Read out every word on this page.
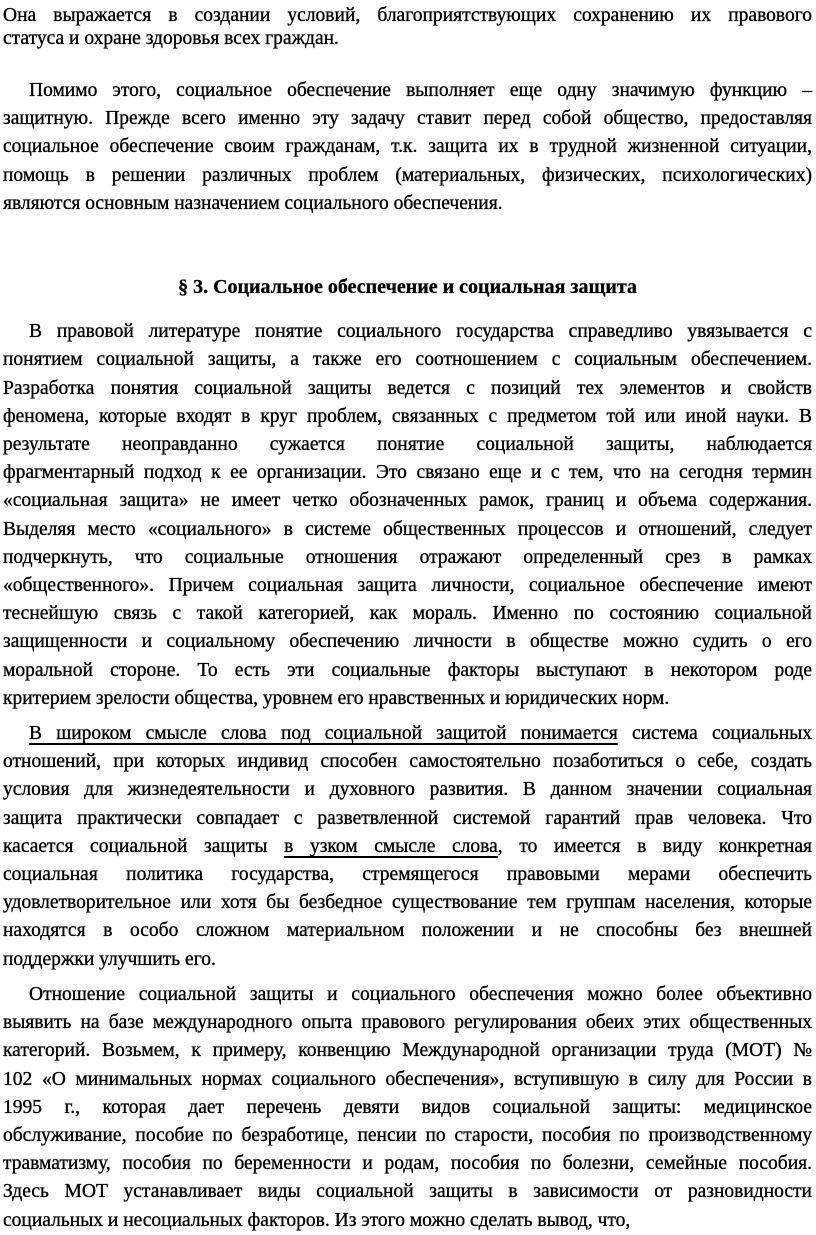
Она выражается в создании условий, благоприятствующих сохранению их правового
статуса и охране здоровья всех граждан.
Помимо этого, социальное обеспечение выполняет еще одну значимую функцию –
защитную. Прежде всего именно эту задачу ставит перед собой общество, предоставляя
социальное обеспечение своим гражданам, т.к. защита их в трудной жизненной ситуации,
помощь в решении различных проблем (материальных, физических, психологических)
являются основным назначением социального обеспечения.
§ 3. Социальное обеспечение и социальная защита
В правовой литературе понятие социального государства справедливо увязывается с
понятием социальной защиты, а также его соотношением с социальным обеспечением.
Разработка понятия социальной защиты ведется с позиций тех элементов и свойств
феномена, которые входят в круг проблем, связанных с предметом той или иной науки. В
результате неоправданно сужается понятие социальной защиты, наблюдается
фрагментарный подход к ее организации. Это связано еще и с тем, что на сегодня термин
«социальная защита» не имеет четко обозначенных рамок, границ и объема содержания.
Выделяя место «социального» в системе общественных процессов и отношений, следует
подчеркнуть, что социальные отношения отражают определенный срез в рамках
«общественного». Причем социальная защита личности, социальное обеспечение имеют
теснейшую связь с такой категорией, как мораль. Именно по состоянию социальной
защищенности и социальному обеспечению личности в обществе можно судить о его
моральной стороне. То есть эти социальные факторы выступают в некотором роде
критерием зрелости общества, уровнем его нравственных и юридических норм.
В широком смысле слова под социальной защитой понимается система социальных
отношений, при которых индивид способен самостоятельно позаботиться о себе, создать
условия для жизнедеятельности и духовного развития. В данном значении социальная
защита практически совпадает с разветвленной системой гарантий прав человека. Что
касается социальной защиты в узком смысле слова, то имеется в виду конкретная
социальная политика государства, стремящегося правовыми мерами обеспечить
удовлетворительное или хотя бы безбедное существование тем группам населения, которые
находятся в особо сложном материальном положении и не способны без внешней
поддержки улучшить его.
Отношение социальной защиты и социального обеспечения можно более объективно
выявить на базе международного опыта правового регулирования обеих этих общественных
категорий. Возьмем, к примеру, конвенцию Международной организации труда (МОТ) №
102 «О минимальных нормах социального обеспечения», вступившую в силу для России в
1995 г., которая дает перечень девяти видов социальной защиты: медицинское
обслуживание, пособие по безработице, пенсии по старости, пособия по производственному
травматизму, пособия по беременности и родам, пособия по болезни, семейные пособия.
Здесь МОТ устанавливает виды социальной защиты в зависимости от разновидности
социальных и несоциальных факторов. Из этого можно сделать вывод, что,
